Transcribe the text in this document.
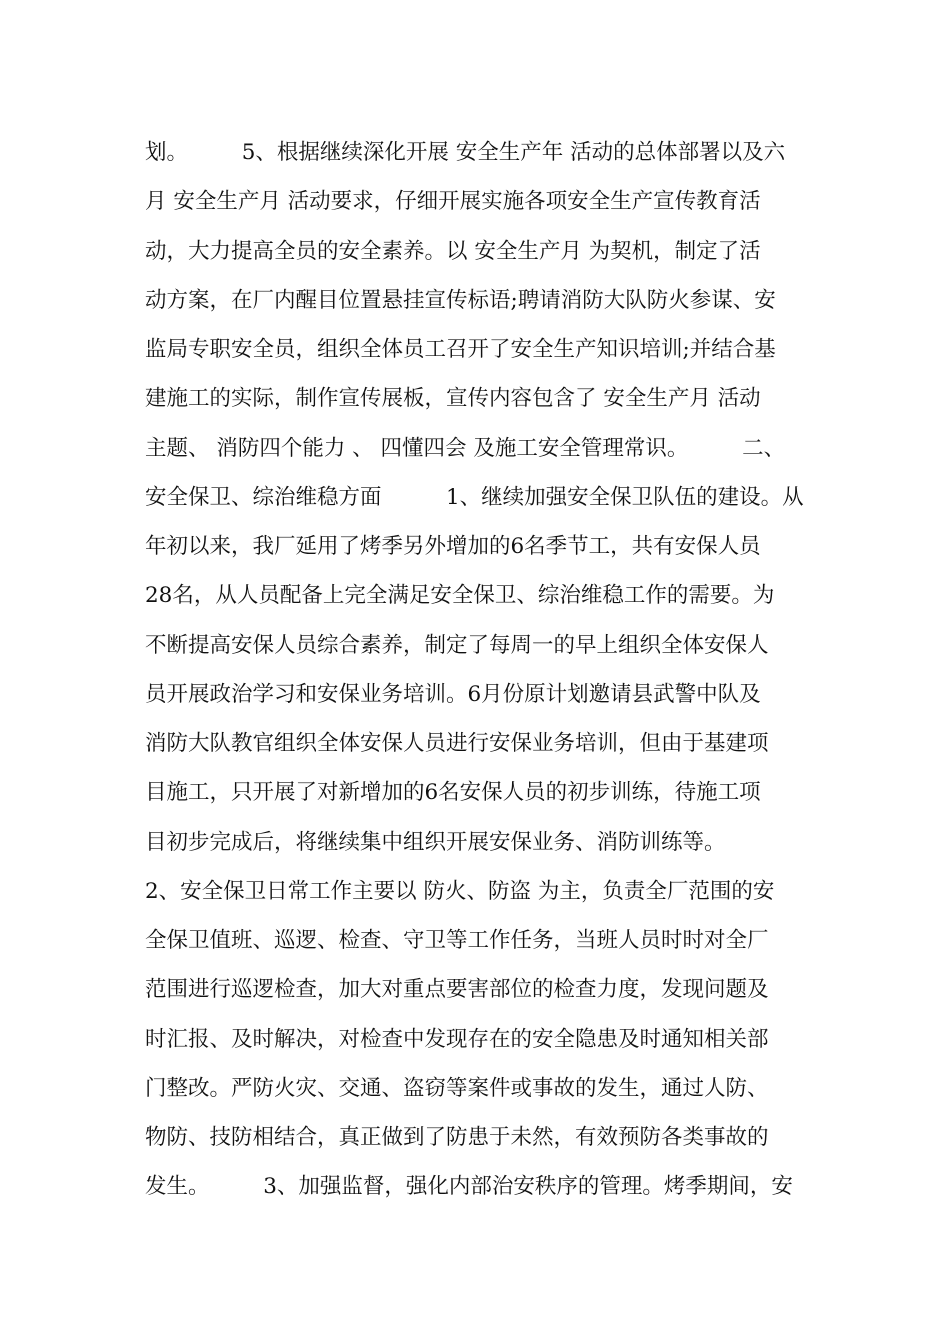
划。　　　5、根据继续深化开展 安全生产年 活动的总体部署以及六
月 安全生产月 活动要求，仔细开展实施各项安全生产宣传教育活
动，大力提高全员的安全素养。以 安全生产月 为契机，制定了活
动方案，在厂内醒目位置悬挂宣传标语;聘请消防大队防火参谋、安
监局专职安全员，组织全体员工召开了安全生产知识培训;并结合基
建施工的实际，制作宣传展板，宣传内容包含了 安全生产月 活动
主题、 消防四个能力 、 四懂四会 及施工安全管理常识。　　　二、
安全保卫、综治维稳方面　　　1、继续加强安全保卫队伍的建设。从
年初以来，我厂延用了烤季另外增加的6名季节工，共有安保人员
28名，从人员配备上完全满足安全保卫、综治维稳工作的需要。为
不断提高安保人员综合素养，制定了每周一的早上组织全体安保人
员开展政治学习和安保业务培训。6月份原计划邀请县武警中队及
消防大队教官组织全体安保人员进行安保业务培训，但由于基建项
目施工，只开展了对新增加的6名安保人员的初步训练，待施工项
目初步完成后，将继续集中组织开展安保业务、消防训练等。
2、安全保卫日常工作主要以 防火、防盗 为主，负责全厂范围的安
全保卫值班、巡逻、检查、守卫等工作任务，当班人员时时对全厂
范围进行巡逻检查，加大对重点要害部位的检查力度，发现问题及
时汇报、及时解决，对检查中发现存在的安全隐患及时通知相关部
门整改。严防火灾、交通、盗窃等案件或事故的发生，通过人防、
物防、技防相结合，真正做到了防患于未然，有效预防各类事故的
发生。　　　3、加强监督，强化内部治安秩序的管理。烤季期间，安
